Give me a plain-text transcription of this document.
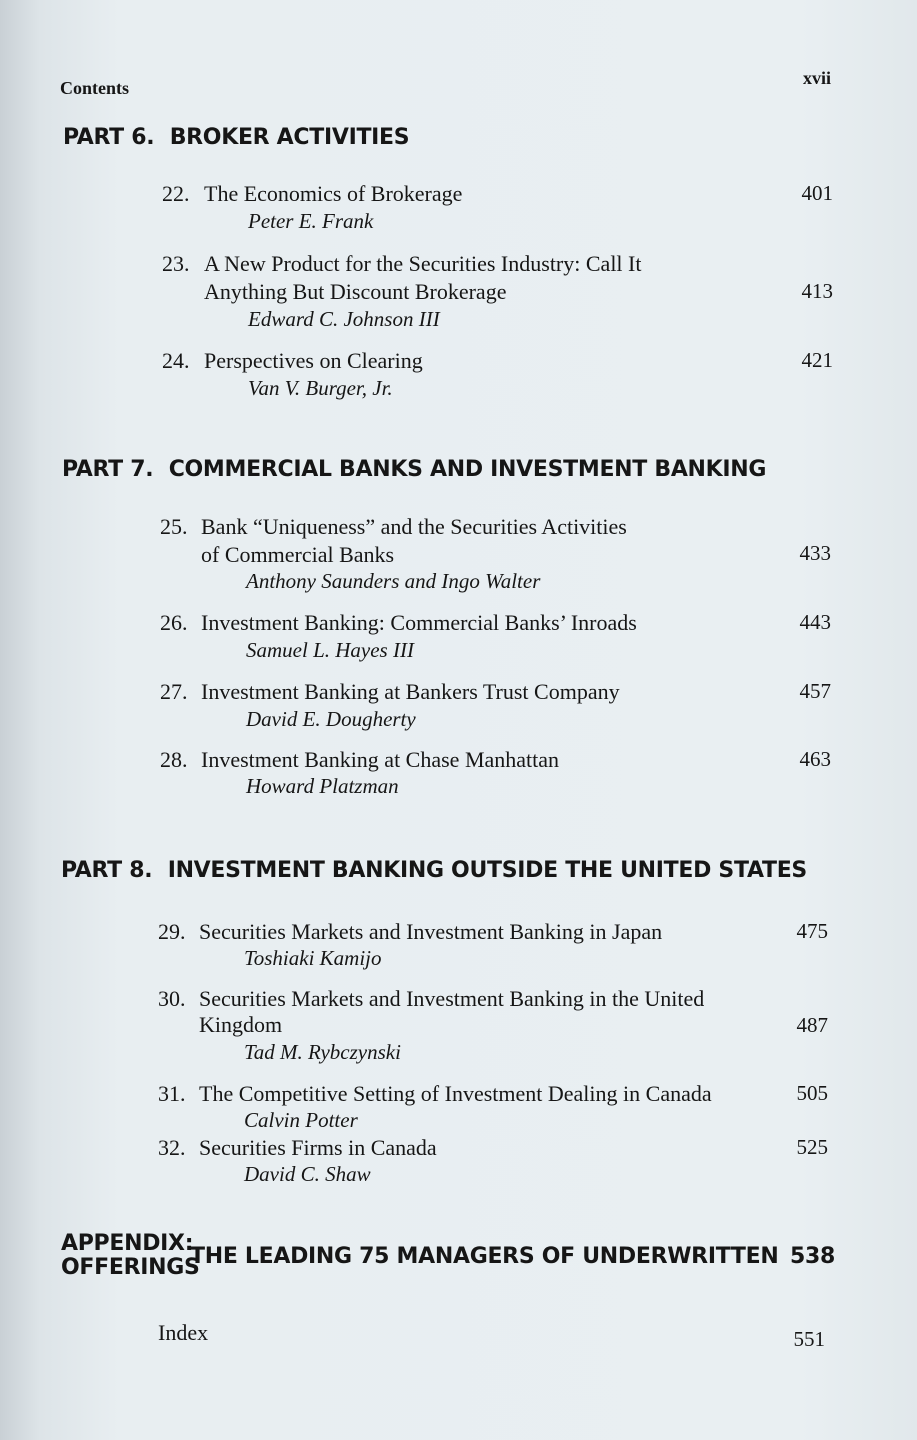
Contents	xvii
PART 6. BROKER ACTIVITIES
22. The Economics of Brokerage
Peter E. Frank
401
23. A New Product for the Securities Industry: Call It
Anything But Discount Brokerage
Edward C. Johnson III
413
24. Perspectives on Clearing
Van V. Burger, Jr.
421
PART 7. COMMERCIAL BANKS AND INVESTMENT BANKING
25. Bank “Uniqueness” and the Securities Activities
of Commercial Banks
Anthony Saunders and Ingo Walter
433
26. Investment Banking: Commercial Banks’ Inroads
Samuel L. Hayes III
443
27. Investment Banking at Bankers Trust Company
David E. Dougherty
457
28. Investment Banking at Chase Manhattan
Howard Platzman
463
PART 8. INVESTMENT BANKING OUTSIDE THE UNITED STATES
29. Securities Markets and Investment Banking in Japan
Toshiaki Kamijo
475
30. Securities Markets and Investment Banking in the United
Kingdom
Tad M. Rybczynski
487
31. The Competitive Setting of Investment Dealing in Canada
Calvin Potter
505
32. Securities Firms in Canada
David C. Shaw
525
APPENDIX:
OFFERINGS
THE LEADING 75 MANAGERS OF UNDERWRITTEN 538
Index	551
